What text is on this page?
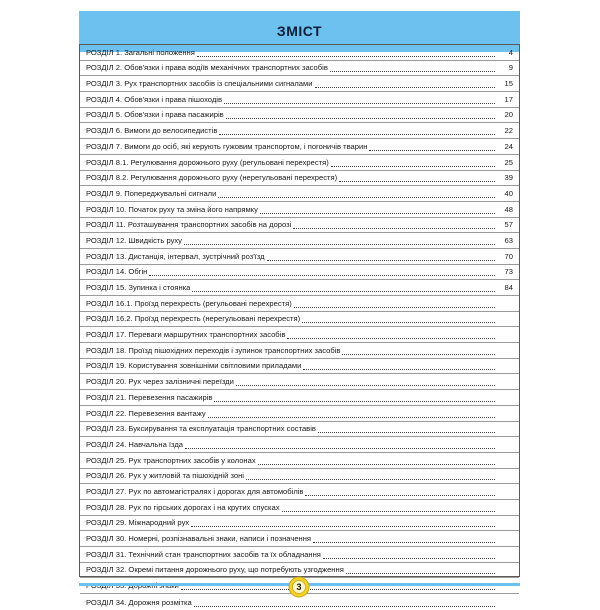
ЗМІСТ
РОЗДІЛ 1. Загальні положення	4
РОЗДІЛ 2. Обов'язки і права водіїв механічних транспортних засобів	9
РОЗДІЛ 3. Рух транспортних засобів із спеціальними сигналами	15
РОЗДІЛ 4. Обов'язки і права пішоходів	17
РОЗДІЛ 5. Обов'язки і права пасажирів	20
РОЗДІЛ 6. Вимоги до велосипедистів	22
РОЗДІЛ 7. Вимоги до осіб, які керують гужовим транспортом, і погоничів тварин	24
РОЗДІЛ 8.1. Регулювання дорожнього руху (регульовані перехрестя)	25
РОЗДІЛ 8.2. Регулювання дорожнього руху (нерегульовані перехрестя)	39
РОЗДІЛ 9. Попереджувальні сигнали	40
РОЗДІЛ 10. Початок руху та зміна його напрямку	48
РОЗДІЛ 11. Розташування транспортних засобів на дорозі	57
РОЗДІЛ 12. Швидкість руху	63
РОЗДІЛ 13. Дистанція, інтервал, зустрічний роз'їзд	70
РОЗДІЛ 14. Обгін	73
РОЗДІЛ 15. Зупинка і стоянка	84
РОЗДІЛ 16.1. Проїзд перехресть (регульовані перехрестя)
РОЗДІЛ 16.2. Проїзд перехресть (нерегульовані перехрестя)
РОЗДІЛ 17. Переваги маршрутних транспортних засобів
РОЗДІЛ 18. Проїзд пішохідних переходів і зупинок транспортних засобів
РОЗДІЛ 19. Користування зовнішніми світловими приладами
РОЗДІЛ 20. Рух через залізничні переїзди
РОЗДІЛ 21. Перевезення пасажирів
РОЗДІЛ 22. Перевезення вантажу
РОЗДІЛ 23. Буксирування та експлуатація транспортних составів
РОЗДІЛ 24. Навчальна їзда
РОЗДІЛ 25. Рух транспортних засобів у колонах
РОЗДІЛ 26. Рух у житловій та пішохідній зоні
РОЗДІЛ 27. Рух по автомагістралях і дорогах для автомобілів
РОЗДІЛ 28. Рух по гірських дорогах і на крутих спусках
РОЗДІЛ 29. Міжнародний рух
РОЗДІЛ 30. Номерні, розпізнавальні знаки, написи і позначення
РОЗДІЛ 31. Технічний стан транспортних засобів та їх обладнання
РОЗДІЛ 32. Окремі питання дорожнього руху, що потребують узгодження
РОЗДІЛ 34. Дорожня розмітка
3
